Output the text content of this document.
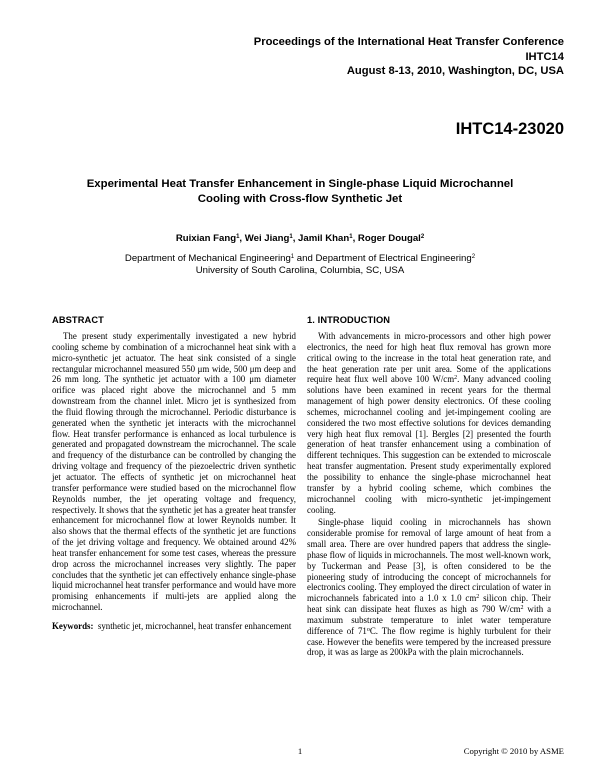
Proceedings of the International Heat Transfer Conference
IHTC14
August 8-13, 2010, Washington, DC, USA
IHTC14-23020
Experimental Heat Transfer Enhancement in Single-phase Liquid Microchannel
Cooling with Cross-flow Synthetic Jet
Ruixian Fang$^1$, Wei Jiang$^1$, Jamil Khan$^1$, Roger Dougal$^2$
Department of Mechanical Engineering$^1$ and Department of Electrical Engineering$^2$
University of South Carolina, Columbia, SC, USA
ABSTRACT

The present study experimentally investigated a new hybrid cooling scheme by combination of a microchannel heat sink with a micro-synthetic jet actuator. The heat sink consisted of a single rectangular microchannel measured 550 μm wide, 500 μm deep and 26 mm long. The synthetic jet actuator with a 100 μm diameter orifice was placed right above the microchannel and 5 mm downstream from the channel inlet. Micro jet is synthesized from the fluid flowing through the microchannel. Periodic disturbance is generated when the synthetic jet interacts with the microchannel flow. Heat transfer performance is enhanced as local turbulence is generated and propagated downstream the microchannel. The scale and frequency of the disturbance can be controlled by changing the driving voltage and frequency of the piezoelectric driven synthetic jet actuator. The effects of synthetic jet on microchannel heat transfer performance were studied based on the microchannel flow Reynolds number, the jet operating voltage and frequency, respectively. It shows that the synthetic jet has a greater heat transfer enhancement for microchannel flow at lower Reynolds number. It also shows that the thermal effects of the synthetic jet are functions of the jet driving voltage and frequency. We obtained around 42% heat transfer enhancement for some test cases, whereas the pressure drop across the microchannel increases very slightly. The paper concludes that the synthetic jet can effectively enhance single-phase liquid microchannel heat transfer performance and would have more promising enhancements if multi-jets are applied along the microchannel.

Keywords: synthetic jet, microchannel, heat transfer enhancement
1. INTRODUCTION

With advancements in micro-processors and other high power electronics, the need for high heat flux removal has grown more critical owing to the increase in the total heat generation rate, and the heat generation rate per unit area. Some of the applications require heat flux well above 100 $W/cm^2$. Many advanced cooling solutions have been examined in recent years for the thermal management of high power density electronics. Of these cooling schemes, microchannel cooling and jet-impingement cooling are considered the two most effective solutions for devices demanding very high heat flux removal [1]. Bergles [2] presented the fourth generation of heat transfer enhancement using a combination of different techniques. This suggestion can be extended to microscale heat transfer augmentation. Present study experimentally explored the possibility to enhance the single-phase microchannel heat transfer by a hybrid cooling scheme, which combines the microchannel cooling with micro-synthetic jet-impingement cooling.

Single-phase liquid cooling in microchannels has shown considerable promise for removal of large amount of heat from a small area. There are over hundred papers that address the single-phase flow of liquids in microchannels. The most well-known work, by Tuckerman and Pease [3], is often considered to be the pioneering study of introducing the concept of microchannels for electronics cooling. They employed the direct circulation of water in microchannels fabricated into a 1.0 x 1.0 $cm^2$ silicon chip. Their heat sink can dissipate heat fluxes as high as 790 $W/cm^2$ with a maximum substrate temperature to inlet water temperature difference of 71$^o$C. The flow regime is highly turbulent for their case. However the benefits were tempered by the increased pressure drop, it was as large as 200kPa with the plain microchannels.

1	Copyright © 2010 by ASME
